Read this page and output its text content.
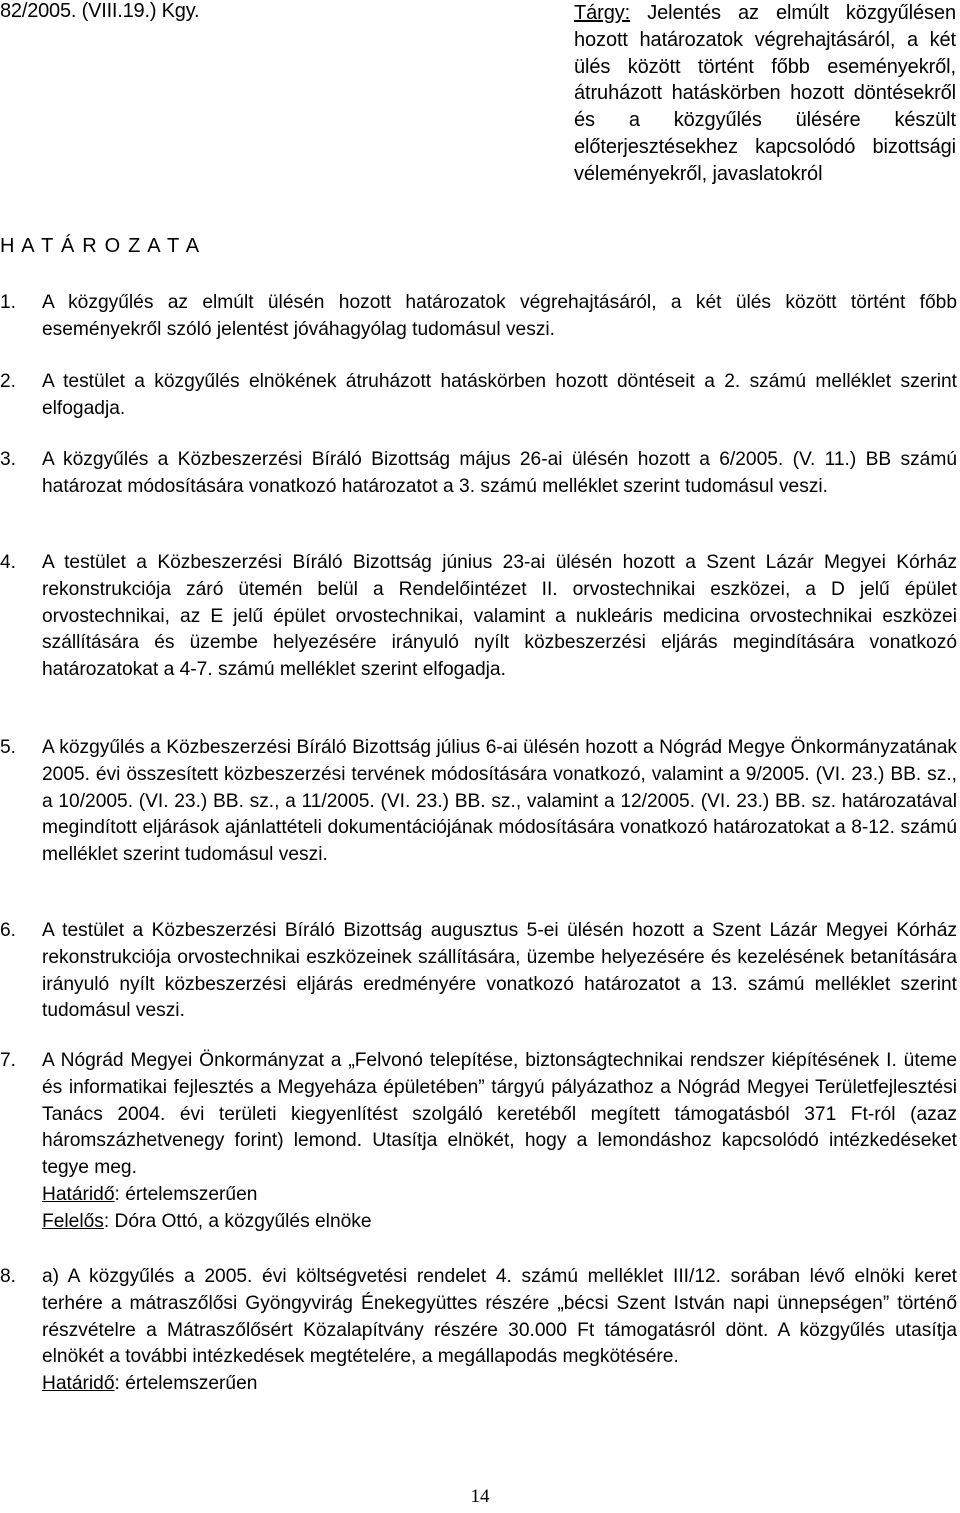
82/2005. (VIII.19.) Kgy.	Tárgy: Jelentés az elmúlt közgyűlésen hozott határozatok végrehajtásáról, a két ülés között történt főbb eseményekről, átruházott hatáskörben hozott döntésekről és a közgyűlés ülésére készült előterjesztésekhez kapcsolódó bizottsági véleményekről, javaslatokról
H A T Á R O Z A T A
1.	A közgyűlés az elmúlt ülésén hozott határozatok végrehajtásáról, a két ülés között történt főbb eseményekről szóló jelentést jóváhagyólag tudomásul veszi.
2.	A testület a közgyűlés elnökének átruházott hatáskörben hozott döntéseit a 2. számú melléklet szerint elfogadja.
3.	A közgyűlés a Közbeszerzési Bíráló Bizottság május 26-ai ülésén hozott a 6/2005. (V. 11.) BB számú határozat módosítására vonatkozó határozatot a 3. számú melléklet szerint tudomásul veszi.
4.	A testület a Közbeszerzési Bíráló Bizottság június 23-ai ülésén hozott a Szent Lázár Megyei Kórház rekonstrukciója záró ütemén belül a Rendelőintézet II. orvostechnikai eszközei, a D jelű épület orvostechnikai, az E jelű épület orvostechnikai, valamint a nukleáris medicina orvostechnikai eszközei szállítására és üzembe helyezésére irányuló nyílt közbeszerzési eljárás megindítására vonatkozó határozatokat a 4-7. számú melléklet szerint elfogadja.
5.	A közgyűlés a Közbeszerzési Bíráló Bizottság július 6-ai ülésén hozott a Nógrád Megye Önkormányzatának 2005. évi összesített közbeszerzési tervének módosítására vonatkozó, valamint a 9/2005. (VI. 23.) BB. sz., a 10/2005. (VI. 23.) BB. sz., a 11/2005. (VI. 23.) BB. sz., valamint a 12/2005. (VI. 23.) BB. sz. határozatával megindított eljárások ajánlattételi dokumentációjának módosítására vonatkozó határozatokat a 8-12. számú melléklet szerint tudomásul veszi.
6.	A testület a Közbeszerzési Bíráló Bizottság augusztus 5-ei ülésén hozott a Szent Lázár Megyei Kórház rekonstrukciója orvostechnikai eszközeinek szállítására, üzembe helyezésére és kezelésének betanítására irányuló nyílt közbeszerzési eljárás eredményére vonatkozó határozatot a 13. számú melléklet szerint tudomásul veszi.
7.	A Nógrád Megyei Önkormányzat a „Felvonó telepítése, biztonságtechnikai rendszer kiépítésének I. üteme és informatikai fejlesztés a Megyeháza épületében” tárgyú pályázathoz a Nógrád Megyei Területfejlesztési Tanács 2004. évi területi kiegyenlítést szolgáló keretéből megített támogatásból 371 Ft-ról (azaz háromszázhetvenegy forint) lemond. Utasítja elnökét, hogy a lemondáshoz kapcsolódó intézkedéseket tegye meg.
Határidő: értelemszerűen
Felelős: Dóra Ottó, a közgyűlés elnöke
8.	a) A közgyűlés a 2005. évi költségvetési rendelet 4. számú melléklet III/12. sorában lévő elnöki keret terhére a mátraszőlősi Gyöngyvirág Énekegyüttes részére „bécsi Szent István napi ünnepségen” történő részvételre a Mátraszőlősért Közalapítvány részére 30.000 Ft támogatásról dönt. A közgyűlés utasítja elnökét a további intézkedések megtételére, a megállapodás megkötésére.
Határidő: értelemszerűen
14
